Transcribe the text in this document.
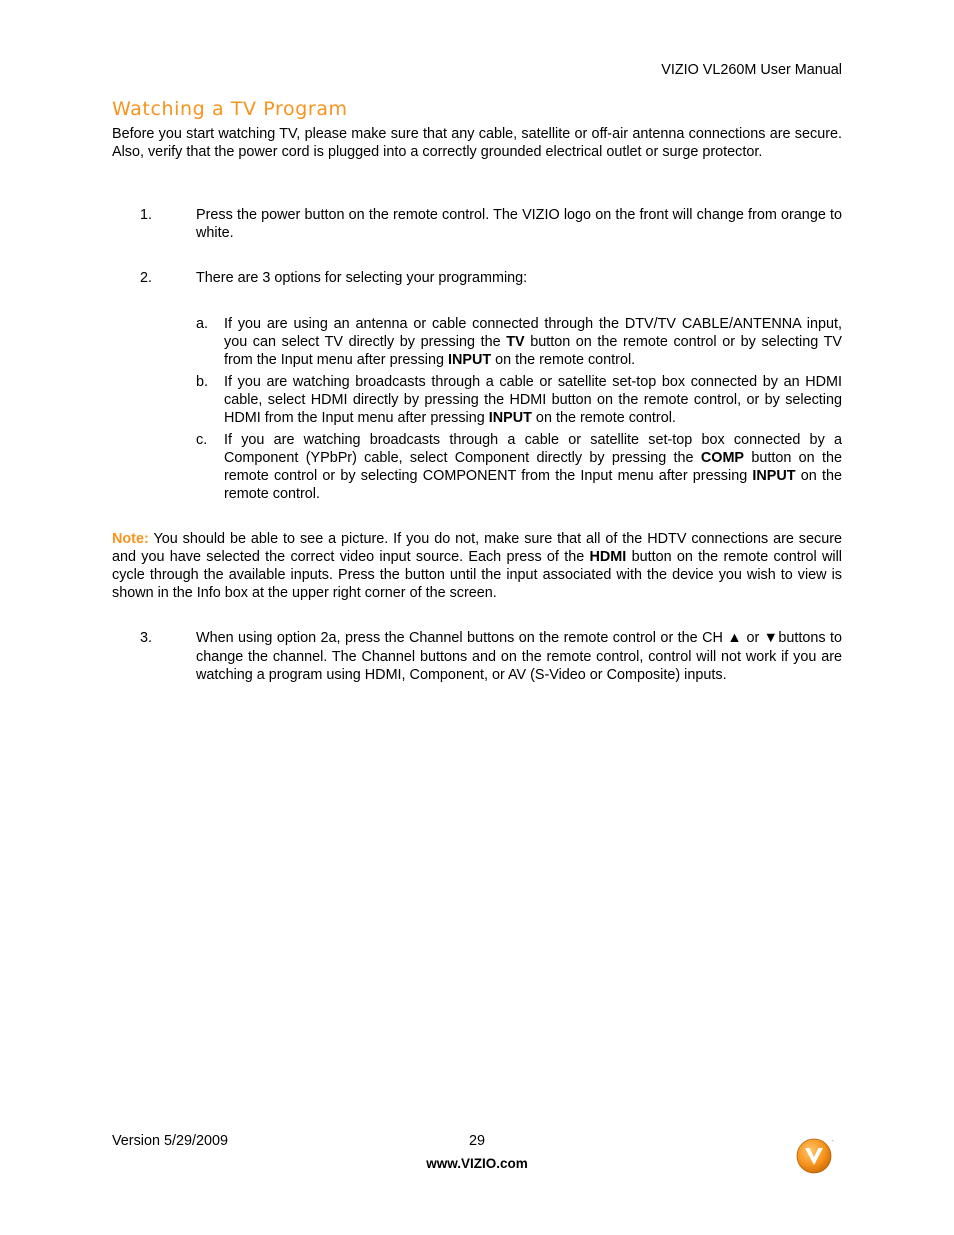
VIZIO VL260M User Manual
Watching a TV Program

Before you start watching TV, please make sure that any cable, satellite or off-air antenna connections are secure. Also, verify that the power cord is plugged into a correctly grounded electrical outlet or surge protector.

1.	Press the power button on the remote control. The VIZIO logo on the front will change from orange to white.
2.	There are 3 options for selecting your programming:
a. If you are using an antenna or cable connected through the DTV/TV CABLE/ANTENNA input, you can select TV directly by pressing the TV button on the remote control or by selecting TV from the Input menu after pressing INPUT on the remote control.
b. If you are watching broadcasts through a cable or satellite set-top box connected by an HDMI cable, select HDMI directly by pressing the HDMI button on the remote control, or by selecting HDMI from the Input menu after pressing INPUT on the remote control.
c. If you are watching broadcasts through a cable or satellite set-top box connected by a Component (YPbPr) cable, select Component directly by pressing the COMP button on the remote control or by selecting COMPONENT from the Input menu after pressing INPUT on the remote control.

Note: You should be able to see a picture. If you do not, make sure that all of the HDTV connections are secure and you have selected the correct video input source. Each press of the HDMI button on the remote control will cycle through the available inputs. Press the button until the input associated with the device you wish to view is shown in the Info box at the upper right corner of the screen.

3.	When using option 2a, press the Channel buttons on the remote control or the CH ▲ or ▼buttons to change the channel. The Channel buttons and on the remote control, control will not work if you are watching a program using HDMI, Component, or AV (S-Video or Composite) inputs.
Version 5/29/2009	29
www.VIZIO.com
™
